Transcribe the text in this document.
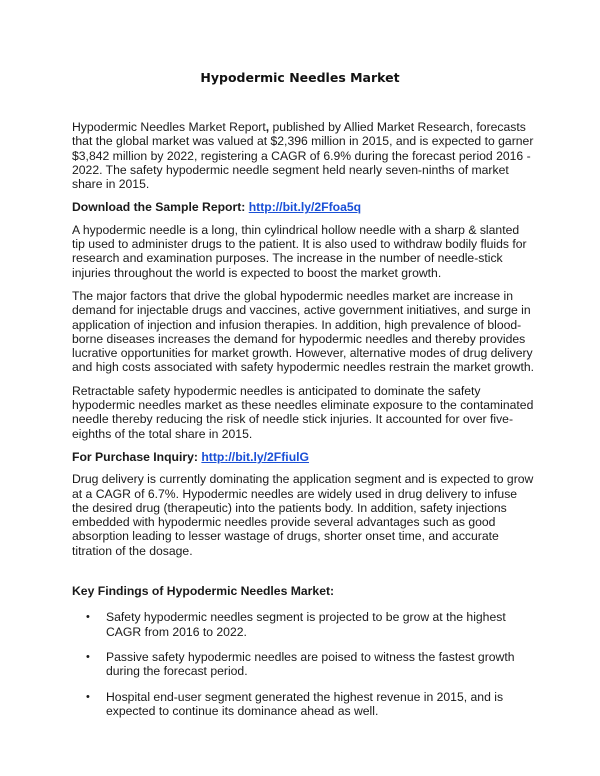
Hypodermic Needles Market

Hypodermic Needles Market Report, published by Allied Market Research, forecasts that the global market was valued at $2,396 million in 2015, and is expected to garner $3,842 million by 2022, registering a CAGR of 6.9% during the forecast period 2016 - 2022. The safety hypodermic needle segment held nearly seven-ninths of market share in 2015.

Download the Sample Report: http://bit.ly/2Ffoa5q

A hypodermic needle is a long, thin cylindrical hollow needle with a sharp & slanted tip used to administer drugs to the patient. It is also used to withdraw bodily fluids for research and examination purposes. The increase in the number of needle-stick injuries throughout the world is expected to boost the market growth.

The major factors that drive the global hypodermic needles market are increase in demand for injectable drugs and vaccines, active government initiatives, and surge in application of injection and infusion therapies. In addition, high prevalence of blood-borne diseases increases the demand for hypodermic needles and thereby provides lucrative opportunities for market growth. However, alternative modes of drug delivery and high costs associated with safety hypodermic needles restrain the market growth.

Retractable safety hypodermic needles is anticipated to dominate the safety hypodermic needles market as these needles eliminate exposure to the contaminated needle thereby reducing the risk of needle stick injuries. It accounted for over five-eighths of the total share in 2015.

For Purchase Inquiry: http://bit.ly/2FfiulG

Drug delivery is currently dominating the application segment and is expected to grow at a CAGR of 6.7%. Hypodermic needles are widely used in drug delivery to infuse the desired drug (therapeutic) into the patients body. In addition, safety injections embedded with hypodermic needles provide several advantages such as good absorption leading to lesser wastage of drugs, shorter onset time, and accurate titration of the dosage.

Key Findings of Hypodermic Needles Market:
• Safety hypodermic needles segment is projected to be grow at the highest CAGR from 2016 to 2022.
• Passive safety hypodermic needles are poised to witness the fastest growth during the forecast period.
• Hospital end-user segment generated the highest revenue in 2015, and is expected to continue its dominance ahead as well.
